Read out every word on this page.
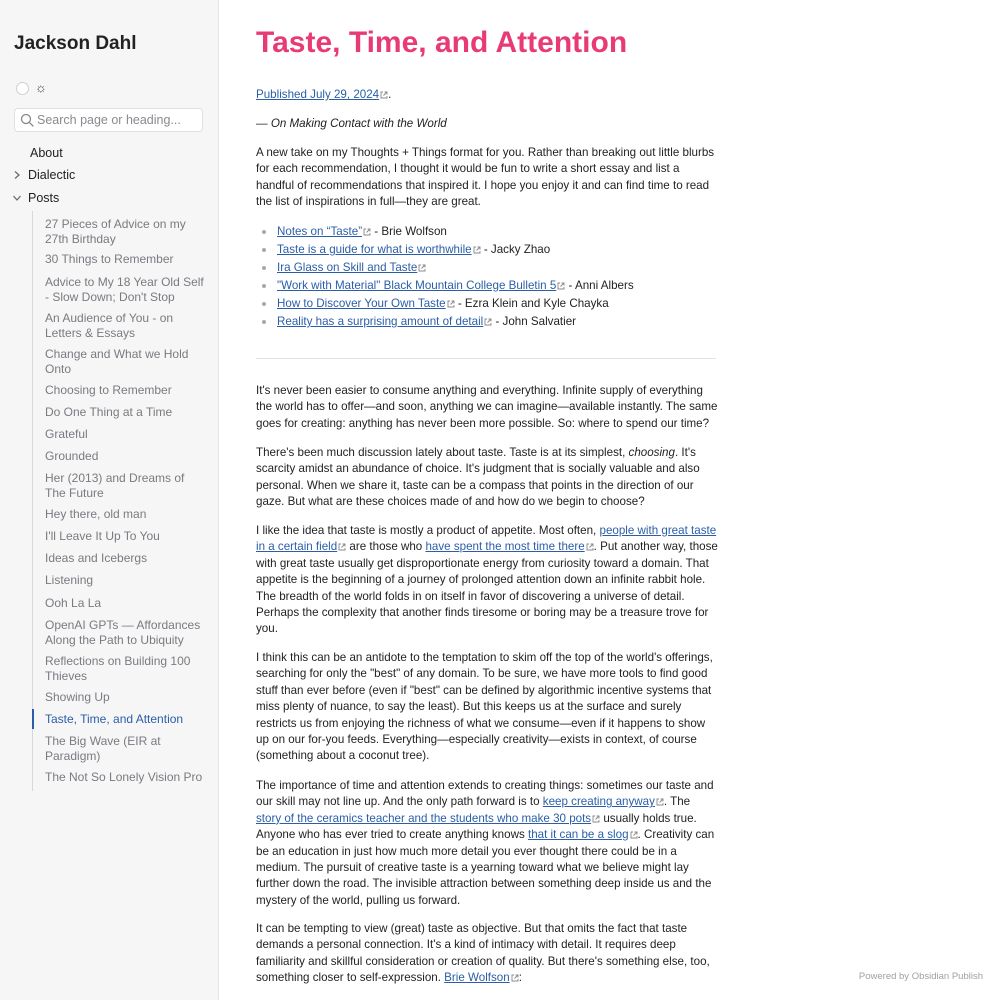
Jackson Dahl
☼
Search page or heading...
About
Dialectic
Posts
27 Pieces of Advice on my 27th Birthday
30 Things to Remember
Advice to My 18 Year Old Self - Slow Down; Don't Stop
An Audience of You - on Letters & Essays
Change and What we Hold Onto
Choosing to Remember
Do One Thing at a Time
Grateful
Grounded
Her (2013) and Dreams of The Future
Hey there, old man
I'll Leave It Up To You
Ideas and Icebergs
Listening
Ooh La La
OpenAI GPTs — Affordances Along the Path to Ubiquity
Reflections on Building 100 Thieves
Showing Up
Taste, Time, and Attention
The Big Wave (EIR at Paradigm)
The Not So Lonely Vision Pro
Taste, Time, and Attention

Published July 29, 2024 .

— On Making Contact with the World

A new take on my Thoughts + Things format for you. Rather than breaking out little blurbs for each recommendation, I thought it would be fun to write a short essay and list a handful of recommendations that inspired it. I hope you enjoy it and can find time to read the list of inspirations in full—they are great.

Notes on “Taste” - Brie Wolfson
Taste is a guide for what is worthwhile - Jacky Zhao
Ira Glass on Skill and Taste
"Work with Material" Black Mountain College Bulletin 5 - Anni Albers
How to Discover Your Own Taste - Ezra Klein and Kyle Chayka
Reality has a surprising amount of detail - John Salvatier

It's never been easier to consume anything and everything. Infinite supply of everything the world has to offer—and soon, anything we can imagine—available instantly. The same goes for creating: anything has never been more possible. So: where to spend our time?

There's been much discussion lately about taste. Taste is at its simplest, choosing. It's scarcity amidst an abundance of choice. It's judgment that is socially valuable and also personal. When we share it, taste can be a compass that points in the direction of our gaze. But what are these choices made of and how do we begin to choose?

I like the idea that taste is mostly a product of appetite. Most often, people with great taste in a certain field are those who have spent the most time there . Put another way, those with great taste usually get disproportionate energy from curiosity toward a domain. That appetite is the beginning of a journey of prolonged attention down an infinite rabbit hole. The breadth of the world folds in on itself in favor of discovering a universe of detail. Perhaps the complexity that another finds tiresome or boring may be a treasure trove for you.

I think this can be an antidote to the temptation to skim off the top of the world's offerings, searching for only the "best" of any domain. To be sure, we have more tools to find good stuff than ever before (even if "best" can be defined by algorithmic incentive systems that miss plenty of nuance, to say the least). But this keeps us at the surface and surely restricts us from enjoying the richness of what we consume—even if it happens to show up on our for-you feeds. Everything—especially creativity—exists in context, of course (something about a coconut tree).

The importance of time and attention extends to creating things: sometimes our taste and our skill may not line up. And the only path forward is to keep creating anyway . The story of the ceramics teacher and the students who make 30 pots usually holds true. Anyone who has ever tried to create anything knows that it can be a slog . Creativity can be an education in just how much more detail you ever thought there could be in a medium. The pursuit of creative taste is a yearning toward what we believe might lay further down the road. The invisible attraction between something deep inside us and the mystery of the world, pulling us forward.

It can be tempting to view (great) taste as objective. But that omits the fact that taste demands a personal connection. It's a kind of intimacy with detail. It requires deep familiarity and skillful consideration or creation of quality. But there's something else, too, something closer to self-expression. Brie Wolfson :	Powered by Obsidian Publish
